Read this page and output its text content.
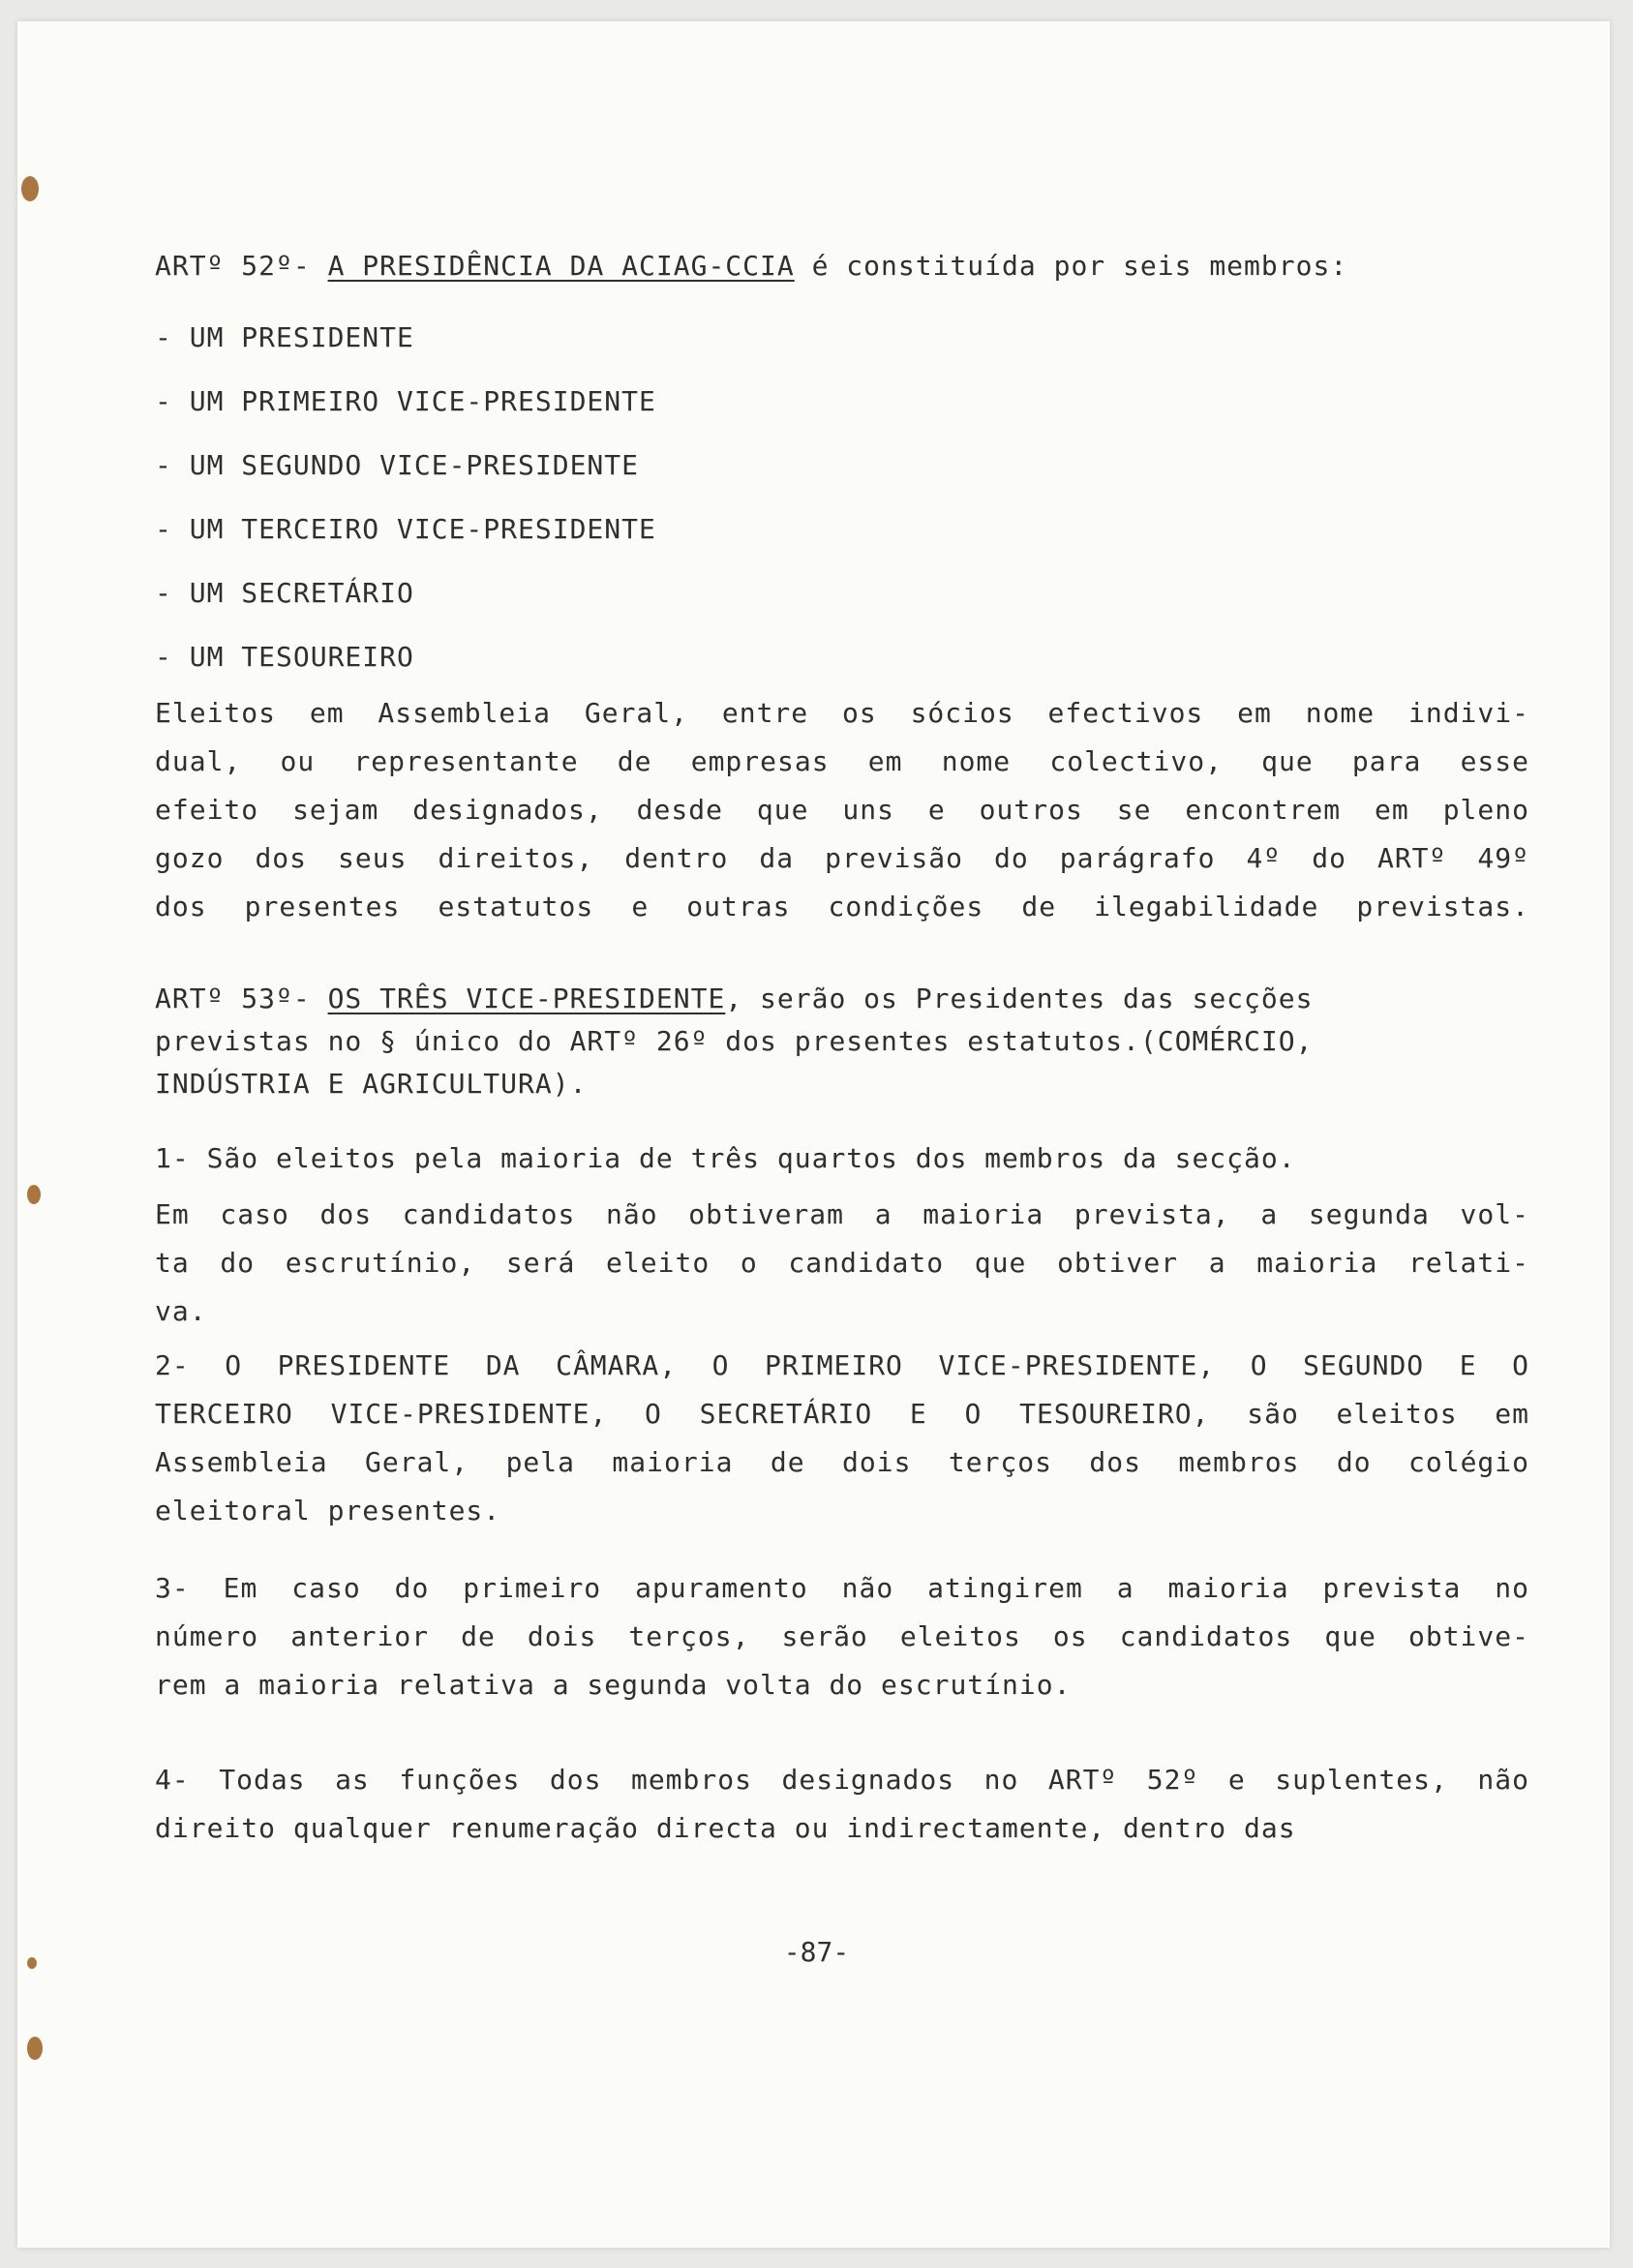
ARTº 52º- A PRESIDÊNCIA DA ACIAG-CCIA é constituída por seis membros:
- UM PRESIDENTE
- UM PRIMEIRO VICE-PRESIDENTE
- UM SEGUNDO VICE-PRESIDENTE
- UM TERCEIRO VICE-PRESIDENTE
- UM SECRETÁRIO
- UM TESOUREIRO
Eleitos em Assembleia Geral, entre os sócios efectivos em nome indivi-
dual, ou representante de empresas em nome colectivo, que para esse
efeito sejam designados, desde que uns e outros se encontrem em pleno
gozo dos seus direitos, dentro da previsão do parágrafo 4º do ARTº 49º
dos presentes estatutos e outras condições de ilegabilidade previstas.
ARTº 53º- OS TRÊS VICE-PRESIDENTE, serão os Presidentes das secções
previstas no § único do ARTº 26º dos presentes estatutos.(COMÉRCIO,
INDÚSTRIA E AGRICULTURA).
1- São eleitos pela maioria de três quartos dos membros da secção.
Em caso dos candidatos não obtiveram a maioria prevista, a segunda vol-
ta do escrutínio, será eleito o candidato que obtiver a maioria relati-
va.
2- O PRESIDENTE DA CÂMARA, O PRIMEIRO VICE-PRESIDENTE, O SEGUNDO E O
TERCEIRO VICE-PRESIDENTE, O SECRETÁRIO E O TESOUREIRO, são eleitos em
Assembleia Geral, pela maioria de dois terços dos membros do colégio
eleitoral presentes.
3- Em caso do primeiro apuramento não atingirem a maioria prevista no
número anterior de dois terços, serão eleitos os candidatos que obtive-
rem a maioria relativa a segunda volta do escrutínio.
4- Todas as funções dos membros designados no ARTº 52º e suplentes, não
direito qualquer renumeração directa ou indirectamente, dentro das
-87-
